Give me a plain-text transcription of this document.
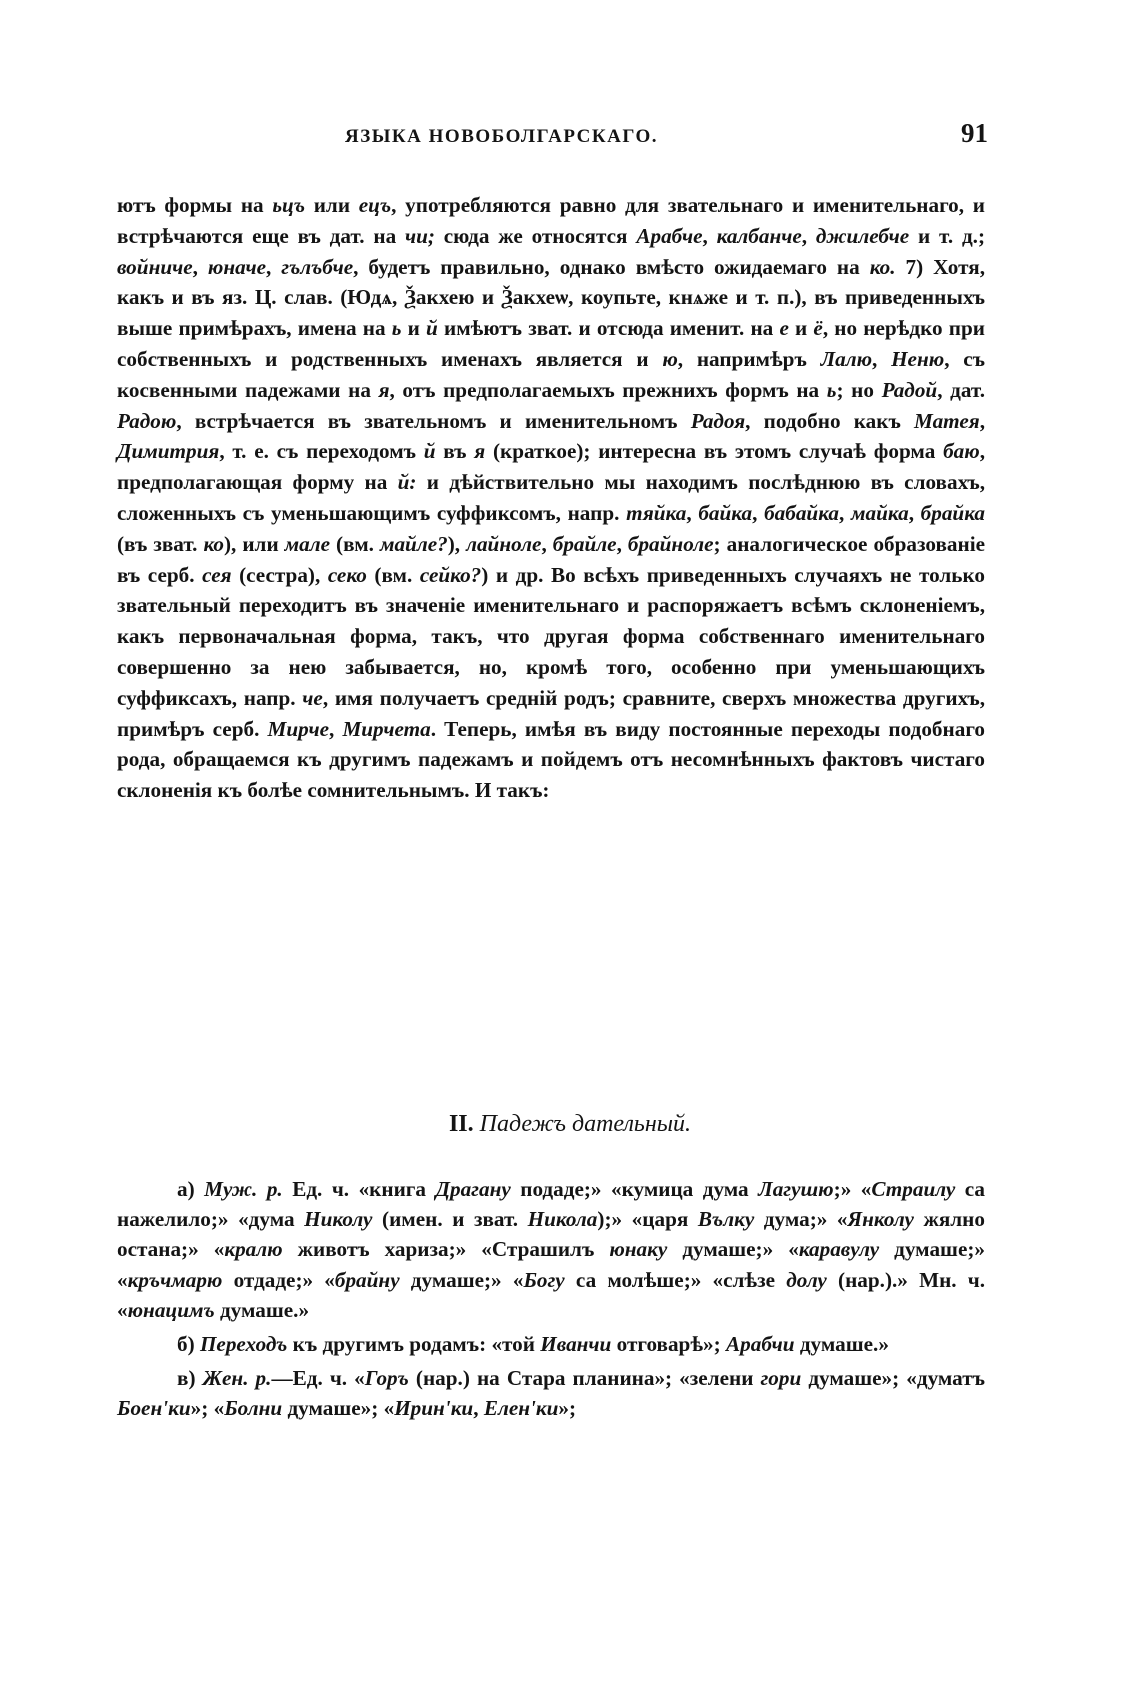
ЯЗЫКА НОВОБОЛГАРСКАГО.	91

ютъ формы на ьцъ или ецъ, употребляются равно для звательнаго и именительнаго, и встрѣчаются еще въ дат. на чи; сюда же относятся Арабче, калбанче, джилебче и т. д.; войниче, юначе, гълъбче, будетъ правильно, однако вмѣсто ожидаемаго на ко. 7) Хотя, какъ и въ яз. Ц. слав. (Юдѧ, Ѯакхею и Ѯакхеѡ, коупьте, кнѧже и т. п.), въ приведенныхъ выше примѣрахъ, имена на ь и й имѣютъ зват. и отсюда именит. на е и ё, но нерѣдко при собственныхъ и родственныхъ именахъ является и ю, напримѣръ Лалю, Неню, съ косвенными падежами на я, отъ предполагаемыхъ прежнихъ формъ на ь; но Радой, дат. Радою, встрѣчается въ звательномъ и именительномъ Радоя, подобно какъ Матея, Димитрия, т. е. съ переходомъ й въ я (краткое); интересна въ этомъ случаѣ форма баю, предполагающая форму на й: и дѣйствительно мы находимъ послѣднюю въ словахъ, сложенныхъ съ уменьшающимъ суффиксомъ, напр. тяйка, байка, бабайка, майка, брайка (въ зват. ко), или мале (вм. майле?), лайноле, брайле, брайноле; аналогическое образованіе въ серб. сея (сестра), секо (вм. сейко?) и др. Во всѣхъ приведенныхъ случаяхъ не только звательный переходитъ въ значеніе именительнаго и распоряжаетъ всѣмъ склоненіемъ, какъ первоначальная форма, такъ, что другая форма собственнаго именительнаго совершенно за нею забывается, но, кромѣ того, особенно при уменьшающихъ суффиксахъ, напр. че, имя получаетъ средній родъ; сравните, сверхъ множества другихъ, примѣръ серб. Мирче, Мирчета. Теперь, имѣя въ виду постоянные переходы подобнаго рода, обращаемся къ другимъ падежамъ и пойдемъ отъ несомнѣнныхъ фактовъ чистаго склоненія къ болѣе сомнительнымъ. И такъ:

II. Падежъ дательный.

а) Муж. р. Ед. ч. «книга Драгану подаде;» «кумица дума Лагушю;» «Страилу са нажелило;» «дума Николу (имен. и зват. Никола);» «царя Вълку дума;» «Янколу жялно остана;» «кралю животъ хариза;» «Страшилъ юнаку думаше;» «каравулу думаше;» «кръчмарю отдаде;» «брайну думаше;» «Богу са молѣше;» «слѣзе долу (нар.).» Мн. ч. «юнацимъ думаше.»

б) Переходъ къ другимъ родамъ: «той Иванчи отговарѣ»; Арабчи думаше.»

в) Жен. р.—Ед. ч. «Горъ (нар.) на Стара планина»; «зелени гори думаше»; «думатъ Боен'ки»; «Болни думаше»; «Ирин'ки, Елен'ки»;
